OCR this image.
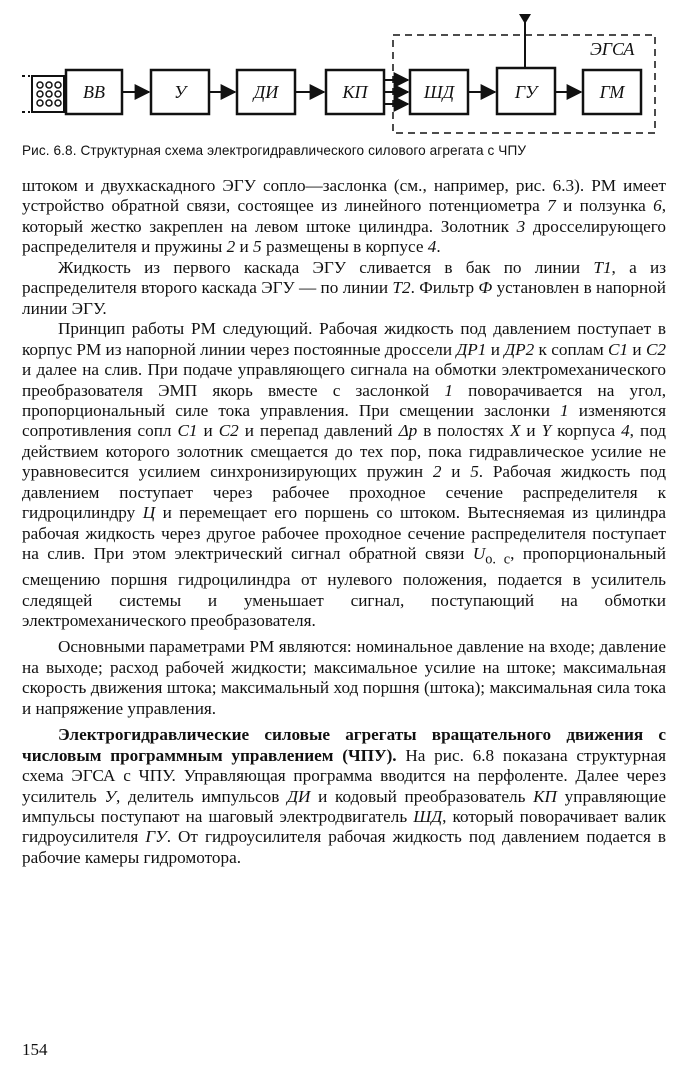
ЭГСА
ВВ	У	ДИ	КП	ШД	ГУ	ГМ
Рис. 6.8. Структурная схема электрогидравлического силового агрегата с ЧПУ

штоком и двухкаскадного ЭГУ сопло—заслонка (см., например, рис. 6.3). РМ имеет устройство обратной связи, состоящее из линейного потенциометра 7 и ползунка 6, который жестко закреплен на левом штоке цилиндра. Золотник 3 дросселирующего распределителя и пружины 2 и 5 размещены в корпусе 4.

Жидкость из первого каскада ЭГУ сливается в бак по линии Т1, а из распределителя второго каскада ЭГУ — по линии Т2. Фильтр Ф установлен в напорной линии ЭГУ.

Принцип работы РМ следующий. Рабочая жидкость под давлением поступает в корпус РМ из напорной линии через постоянные дроссели ДР1 и ДР2 к соплам С1 и С2 и далее на слив. При подаче управляющего сигнала на обмотки электромеханического преобразователя ЭМП якорь вместе с заслонкой 1 поворачивается на угол, пропорциональный силе тока управления. При смещении заслонки 1 изменяются сопротивления сопл С1 и С2 и перепад давлений Δр в полостях X и Y корпуса 4, под действием которого золотник смещается до тех пор, пока гидравлическое усилие не уравновесится усилием синхронизирующих пружин 2 и 5. Рабочая жидкость под давлением поступает через рабочее проходное сечение распределителя к гидроцилиндру Ц и перемещает его поршень со штоком. Вытесняемая из цилиндра рабочая жидкость через другое рабочее проходное сечение распределителя поступает на слив. При этом электрический сигнал обратной связи $U_{о. с}$, пропорциональный смещению поршня гидроцилиндра от нулевого положения, подается в усилитель следящей системы и уменьшает сигнал, поступающий на обмотки электромеханического преобразователя.

Основными параметрами РМ являются: номинальное давление на входе; давление на выходе; расход рабочей жидкости; максимальное усилие на штоке; максимальная скорость движения штока; максимальный ход поршня (штока); максимальная сила тока и напряжение управления.

Электрогидравлические силовые агрегаты вращательного движения с числовым программным управлением (ЧПУ). На рис. 6.8 показана структурная схема ЭГСА с ЧПУ. Управляющая программа вводится на перфоленте. Далее через усилитель У, делитель импульсов ДИ и кодовый преобразователь КП управляющие импульсы поступают на шаговый электродвигатель ШД, который поворачивает валик гидроусилителя ГУ. От гидроусилителя рабочая жидкость под давлением подается в рабочие камеры гидромотора.

154
